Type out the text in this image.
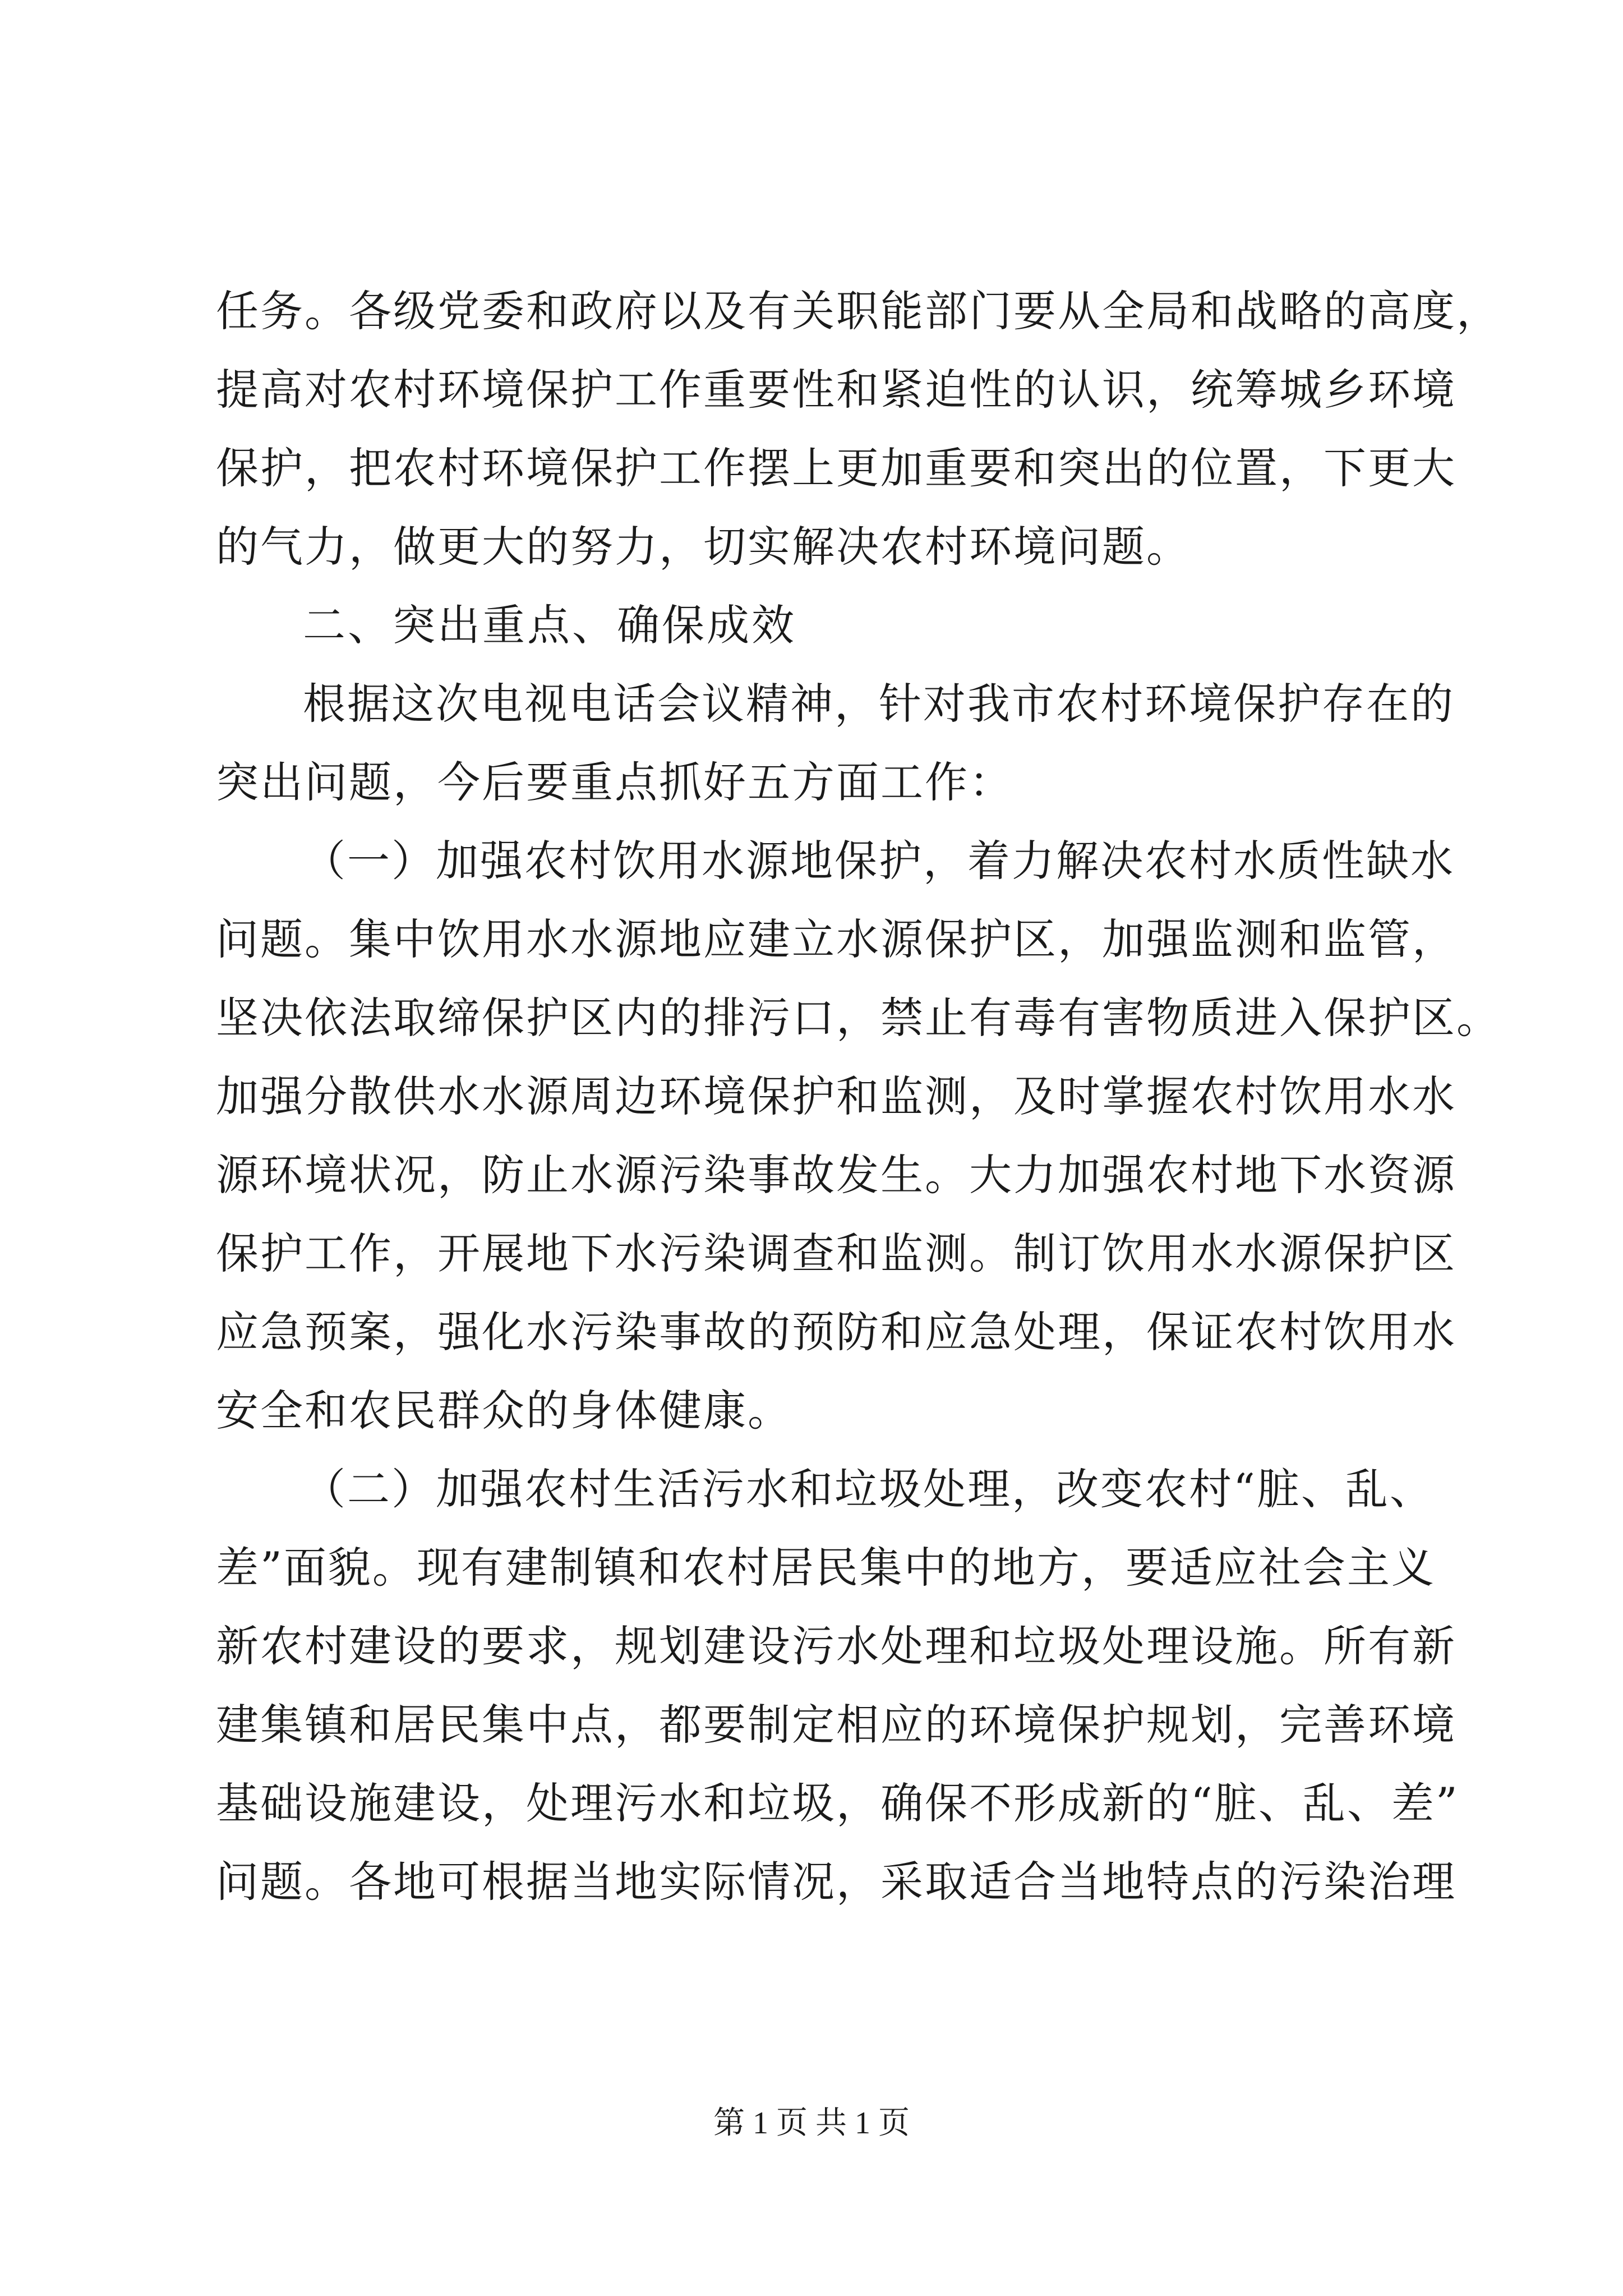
任务。各级党委和政府以及有关职能部门要从全局和战略的高度，
提高对农村环境保护工作重要性和紧迫性的认识，统筹城乡环境
保护，把农村环境保护工作摆上更加重要和突出的位置，下更大
的气力，做更大的努力，切实解决农村环境问题。
二、突出重点、确保成效
根据这次电视电话会议精神，针对我市农村环境保护存在的
突出问题，今后要重点抓好五方面工作：
（一）加强农村饮用水源地保护，着力解决农村水质性缺水
问题。集中饮用水水源地应建立水源保护区，加强监测和监管，
坚决依法取缔保护区内的排污口，禁止有毒有害物质进入保护区。
加强分散供水水源周边环境保护和监测，及时掌握农村饮用水水
源环境状况，防止水源污染事故发生。大力加强农村地下水资源
保护工作，开展地下水污染调查和监测。制订饮用水水源保护区
应急预案，强化水污染事故的预防和应急处理，保证农村饮用水
安全和农民群众的身体健康。
（二）加强农村生活污水和垃圾处理，改变农村“脏、乱、
差”面貌。现有建制镇和农村居民集中的地方，要适应社会主义
新农村建设的要求，规划建设污水处理和垃圾处理设施。所有新
建集镇和居民集中点，都要制定相应的环境保护规划，完善环境
基础设施建设，处理污水和垃圾，确保不形成新的“脏、乱、差”
问题。各地可根据当地实际情况，采取适合当地特点的污染治理
第 1 页 共 1 页
